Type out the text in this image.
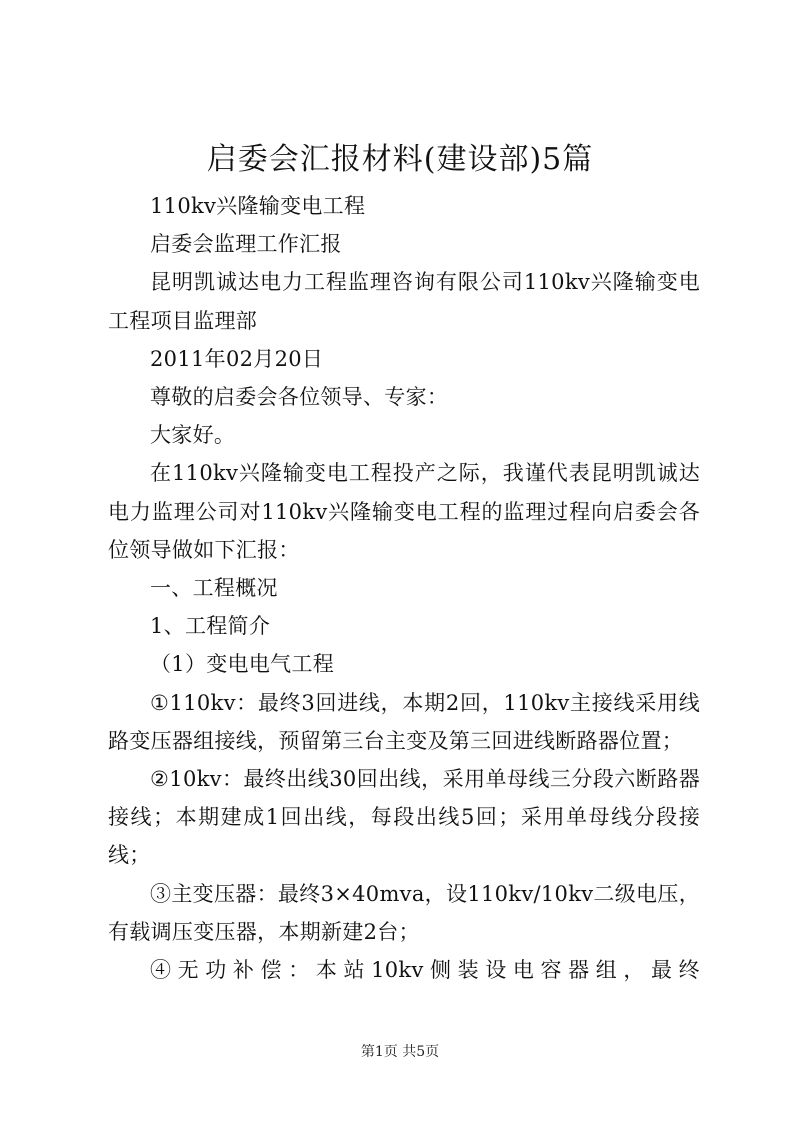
启委会汇报材料(建设部)5篇

110kv兴隆输变电工程

启委会监理工作汇报

昆明凯诚达电力工程监理咨询有限公司110kv兴隆输变电工程项目监理部

2011年02月20日

尊敬的启委会各位领导、专家：

大家好。

在110kv兴隆输变电工程投产之际，我谨代表昆明凯诚达电力监理公司对110kv兴隆输变电工程的监理过程向启委会各位领导做如下汇报：

一、工程概况

1、工程简介

（1）变电电气工程

①110kv：最终3回进线，本期2回，110kv主接线采用线路变压器组接线，预留第三台主变及第三回进线断路器位置；

②10kv：最终出线30回出线，采用单母线三分段六断路器接线；本期建成1回出线，每段出线5回；采用单母线分段接线；

③主变压器：最终3×40mva，设110kv/10kv二级电压，有载调压变压器，本期新建2台；

④无功补偿：本站10kv侧装设电容器组，最终

第1页 共5页
